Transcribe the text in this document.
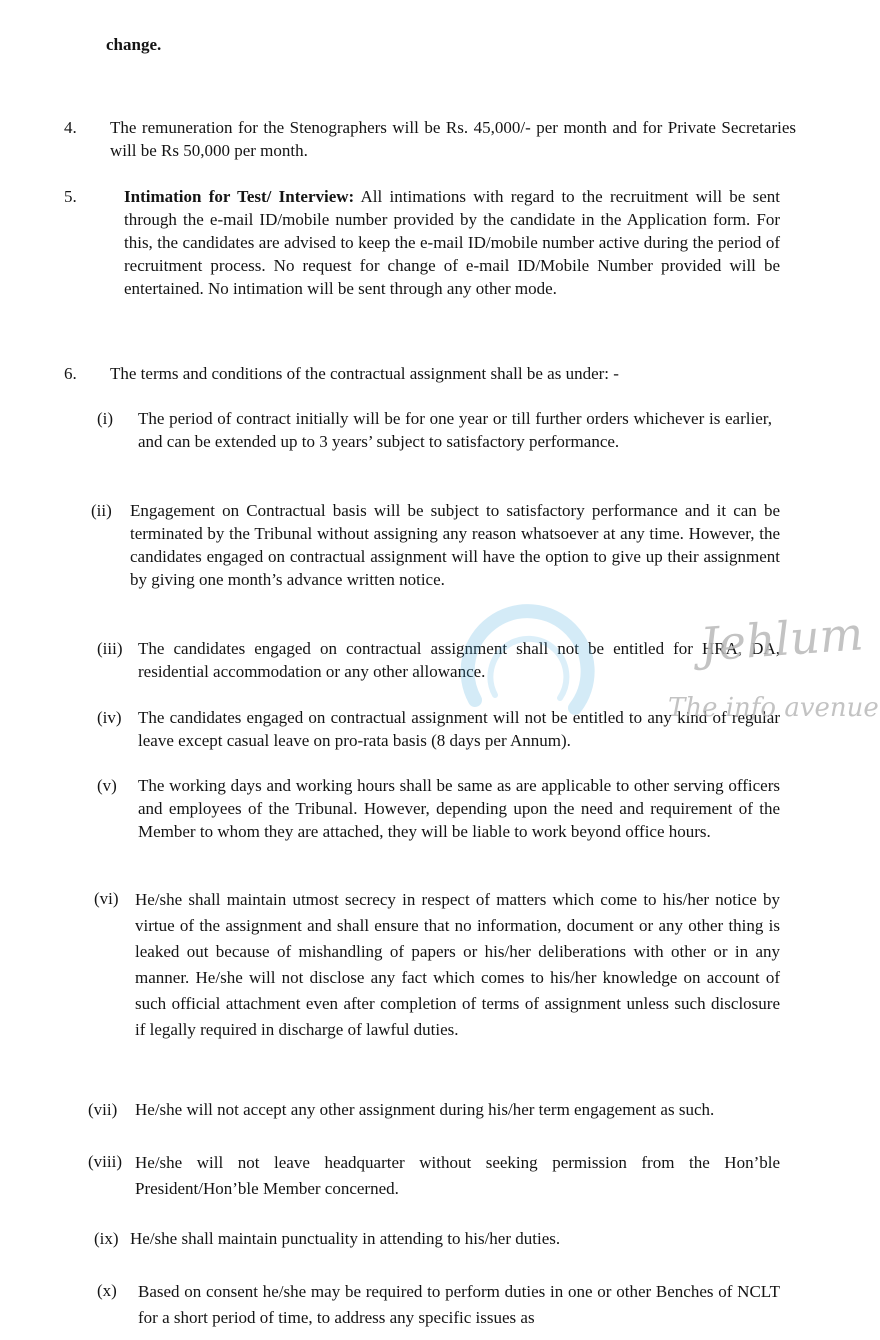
change.
4. The remuneration for the Stenographers will be Rs. 45,000/- per month and for Private Secretaries will be Rs 50,000 per month.
5.	Intimation for Test/ Interview: All intimations with regard to the recruitment will be sent through the e-mail ID/mobile number provided by the candidate in the Application form. For this, the candidates are advised to keep the e-mail ID/mobile number active during the period of recruitment process. No request for change of e-mail ID/Mobile Number provided will be entertained. No intimation will be sent through any other mode.
6. The terms and conditions of the contractual assignment shall be as under: -
(i) The period of contract initially will be for one year or till further orders whichever is earlier, and can be extended up to 3 years’ subject to satisfactory performance.
(ii) Engagement on Contractual basis will be subject to satisfactory performance and it can be terminated by the Tribunal without assigning any reason whatsoever at any time. However, the candidates engaged on contractual assignment will have the option to give up their assignment by giving one month’s advance written notice.
(iii) The candidates engaged on contractual assignment shall not be entitled for HRA, DA, residential accommodation or any other allowance.
(iv) The candidates engaged on contractual assignment will not be entitled to any kind of regular leave except casual leave on pro-rata basis (8 days per Annum).
(v) The working days and working hours shall be same as are applicable to other serving officers and employees of the Tribunal. However, depending upon the need and requirement of the Member to whom they are attached, they will be liable to work beyond office hours.
(vi) He/she shall maintain utmost secrecy in respect of matters which come to his/her notice by virtue of the assignment and shall ensure that no information, document or any other thing is leaked out because of mishandling of papers or his/her deliberations with other or in any manner. He/she will not disclose any fact which comes to his/her knowledge on account of such official attachment even after completion of terms of assignment unless such disclosure if legally required in discharge of lawful duties.
(vii) He/she will not accept any other assignment during his/her term engagement as such.
(viii) He/she will not leave headquarter without seeking permission from the Hon’ble President/Hon’ble Member concerned.
(ix) He/she shall maintain punctuality in attending to his/her duties.
(x) Based on consent he/she may be required to perform duties in one or other Benches of NCLT for a short period of time, to address any specific issues as
Jehlum
The info avenue
